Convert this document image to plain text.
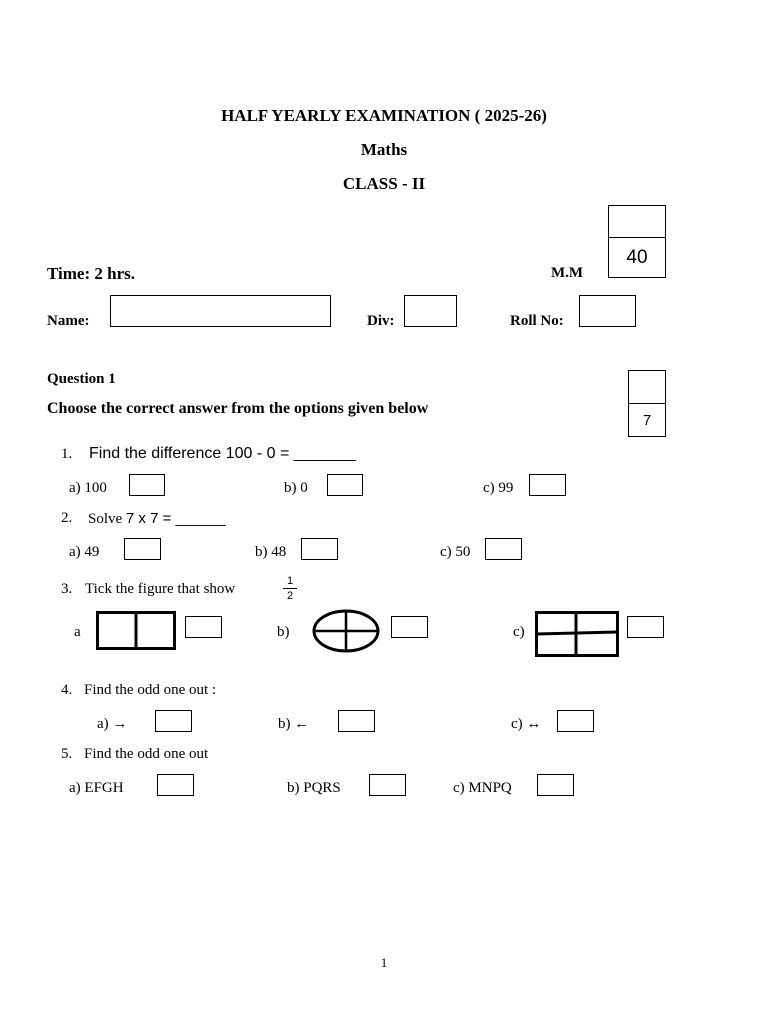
HALF YEARLY EXAMINATION ( 2025-26)
Maths
CLASS - II
40
Time: 2 hrs.	M.M
Name:	Div:	Roll No:
Question 1
Choose the correct answer from the options given below
7
1. Find the difference 100 - 0 = _______
a) 100	b) 0	c) 99
2. Solve 7 x 7 = ______
a) 49	b) 48	c) 50
3. Tick the figure that show	1
2
a	b)	c)
4. Find the odd one out :
a) →	b) ←	c) ↔
5. Find the odd one out
a) EFGH	b) PQRS	c) MNPQ
1
